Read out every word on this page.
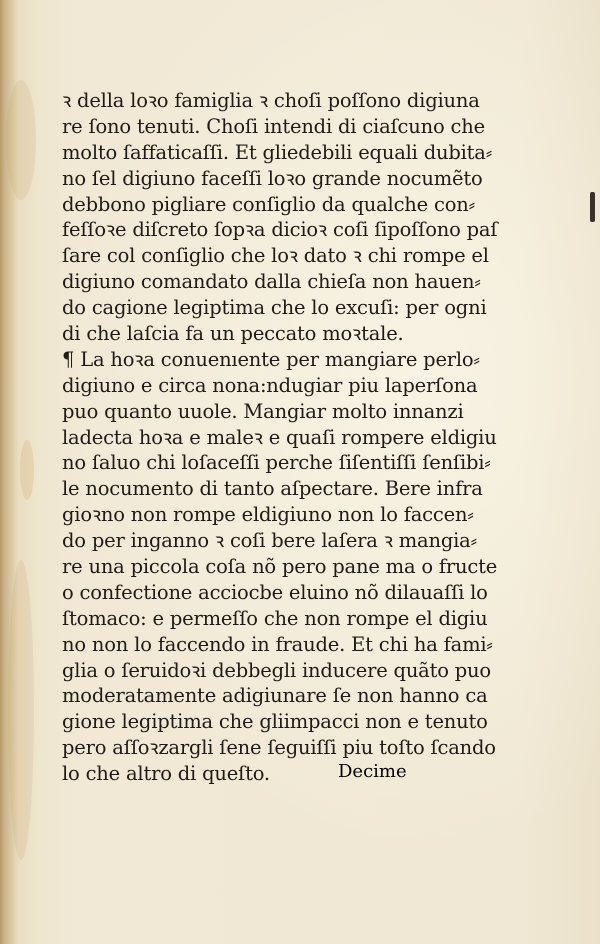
ꝛ della loꝛo famiglia ꝛ choſi poſſono digiuna
re ſono tenuti. Choſi intendi di ciaſcuno che
molto ſaffaticaſſi. Et gliedebili equali dubita⸗
no ſel digiuno faceſſi loꝛo grande nocumẽto
debbono pigliare conſiglio da qualche con⸗
feſſoꝛe diſcreto ſopꝛa dicioꝛ coſi ſipoſſono paſ
ſare col conſiglio che loꝛ dato ꝛ chi rompe el
digiuno comandato dalla chieſa non hauen⸗
do cagione legiptima che lo excuſi: per ogni
di che laſcia fa un peccato moꝛtale.
¶ La hoꝛa conuenıente per mangiare perlo⸗
digiuno e circa nona:ndugiar piu laperſona
puo quanto uuole. Mangiar molto innanzi
ladecta hoꝛa e maleꝛ e quaſi rompere eldigiu
no ſaluo chi loſaceſſi perche ſiſentiſſi ſenſibi⸗
le nocumento di tanto aſpectare. Bere infra
gioꝛno non rompe eldigiuno non lo faccen⸗
do per inganno ꝛ coſi bere laſera ꝛ mangia⸗
re una piccola coſa nõ pero pane ma o fructe
o confectione acciocbe eluino nõ dilauaſſi lo
ſtomaco: e permeſſo che non rompe el digiu
no non lo faccendo in fraude. Et chi ha fami⸗
glia o ſeruidoꝛi debbegli inducere quãto puo
moderatamente adigiunare ſe non hanno ca
gione legiptima che gliimpacci non e tenuto
pero aſſoꝛzargli ſene ſeguiſſi piu toſto ſcando
lo che altro di queſto.	Decime
